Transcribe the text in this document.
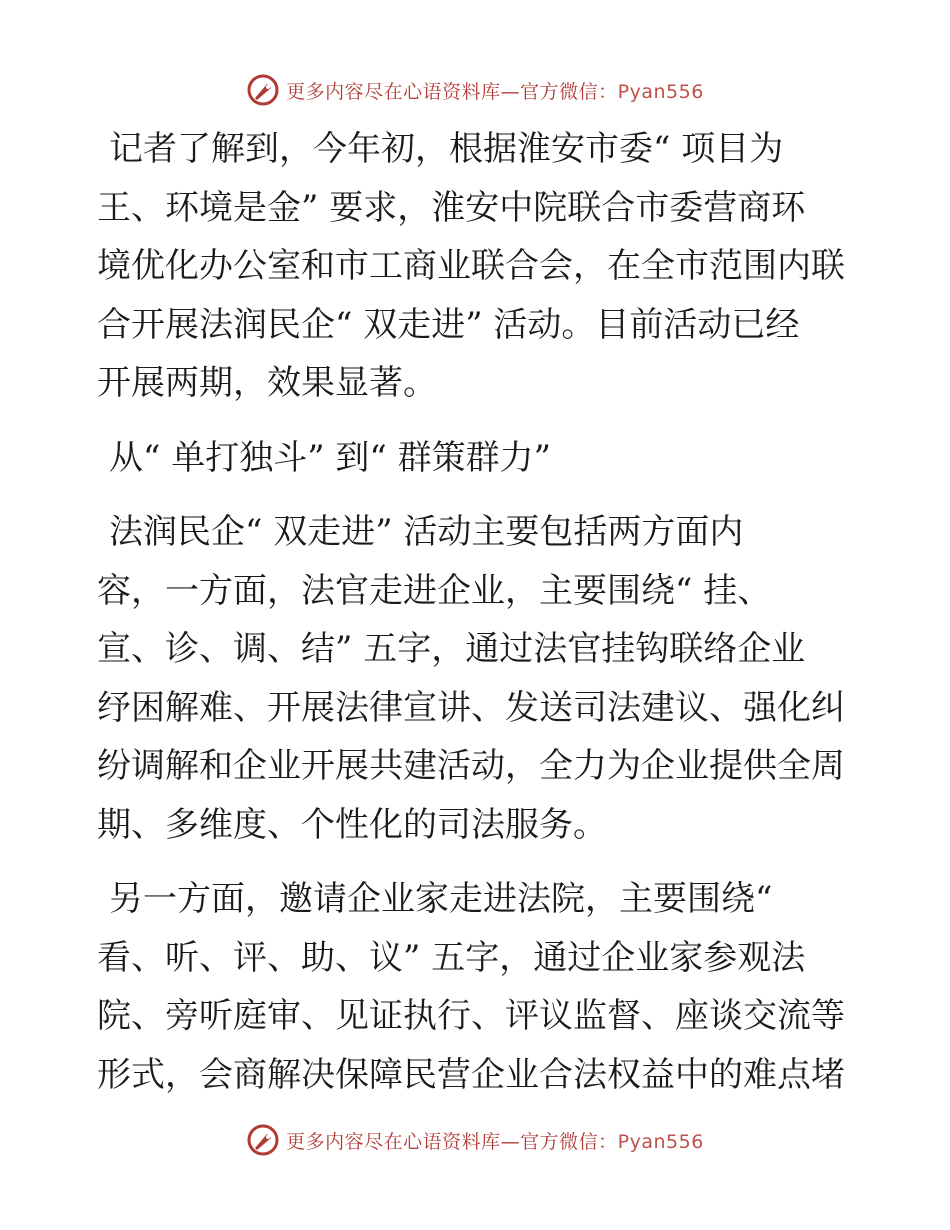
更多内容尽在心语资料库—官方微信：Pyan556
记者了解到，今年初，根据淮安市委“ 项目为
王、环境是金” 要求，淮安中院联合市委营商环
境优化办公室和市工商业联合会，在全市范围内联
合开展法润民企“ 双走进” 活动。目前活动已经
开展两期，效果显著。
从“ 单打独斗” 到“ 群策群力”
法润民企“ 双走进” 活动主要包括两方面内
容，一方面，法官走进企业，主要围绕“ 挂、
宣、诊、调、结” 五字，通过法官挂钩联络企业
纾困解难、开展法律宣讲、发送司法建议、强化纠
纷调解和企业开展共建活动，全力为企业提供全周
期、多维度、个性化的司法服务。
另一方面，邀请企业家走进法院，主要围绕“
看、听、评、助、议” 五字，通过企业家参观法
院、旁听庭审、见证执行、评议监督、座谈交流等
形式，会商解决保障民营企业合法权益中的难点堵
更多内容尽在心语资料库—官方微信：Pyan556
